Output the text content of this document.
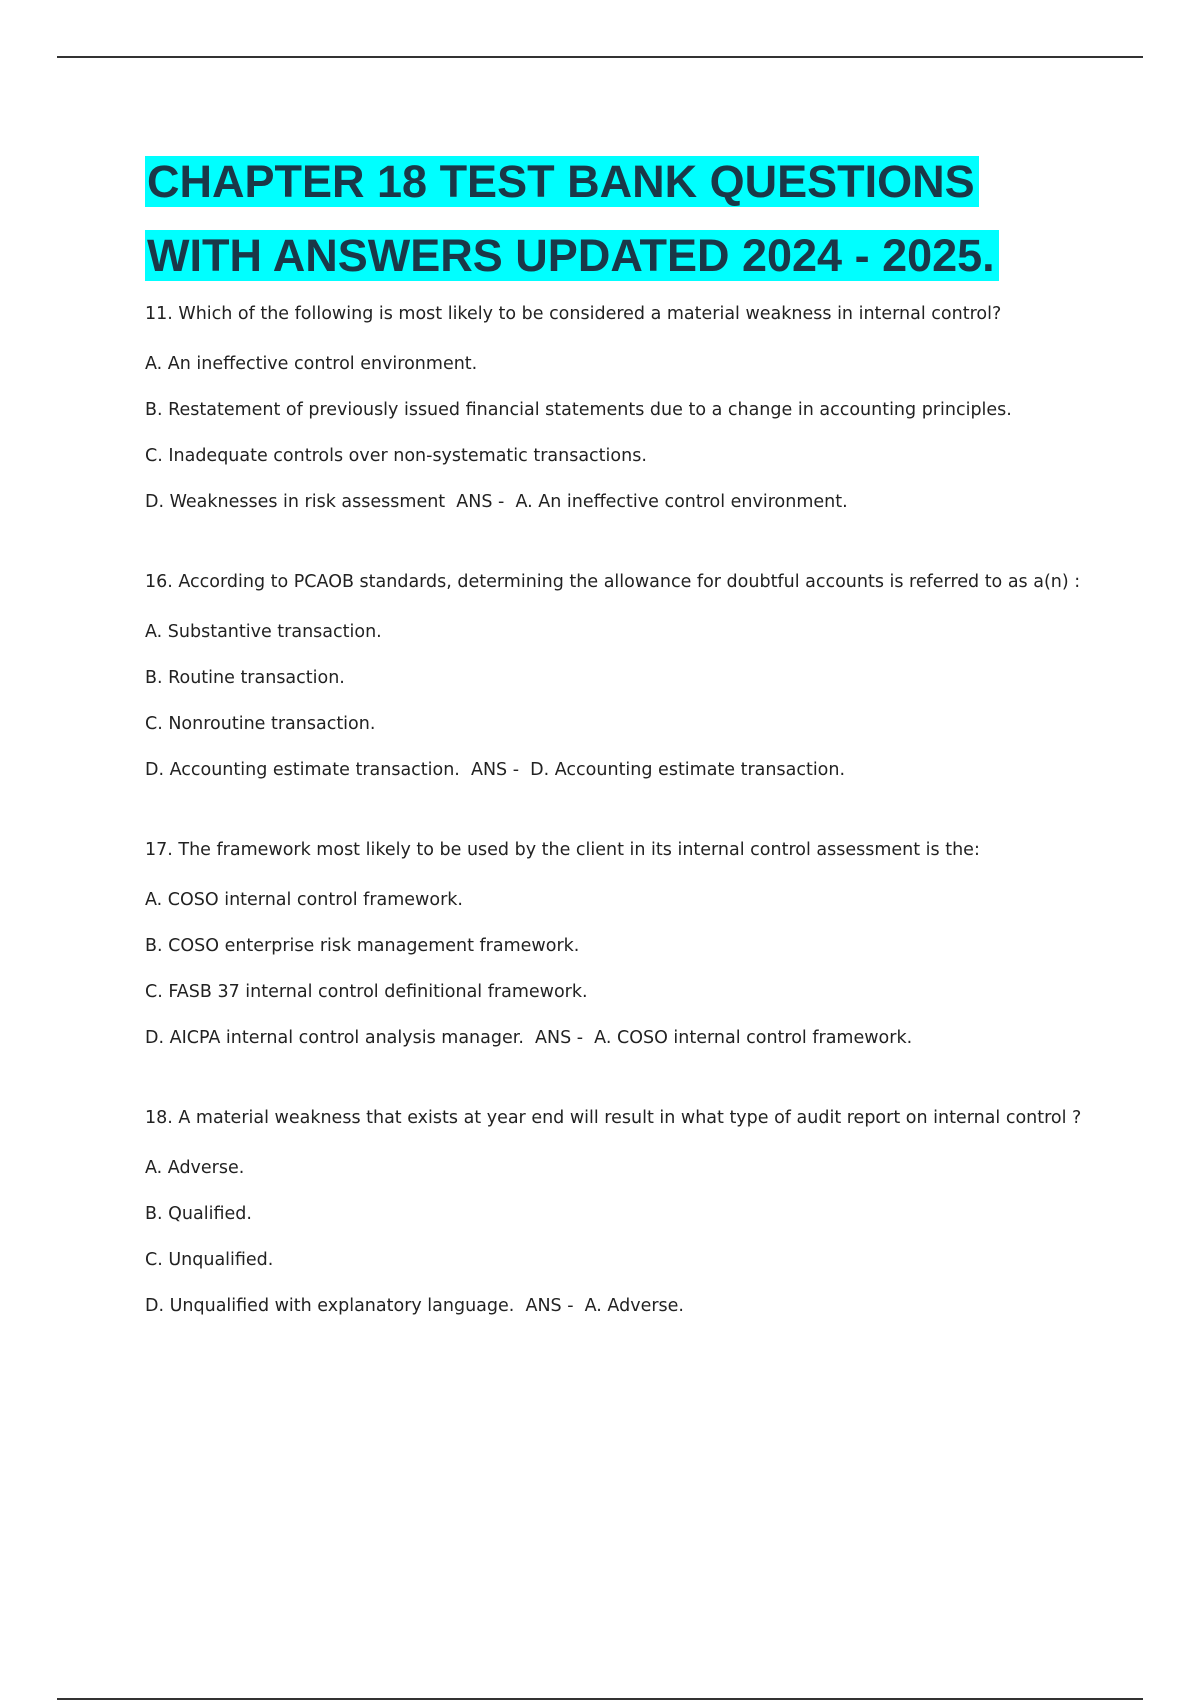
CHAPTER 18 TEST BANK QUESTIONS
WITH ANSWERS UPDATED 2024 - 2025.

11. Which of the following is most likely to be considered a material weakness in internal control?

A. An ineffective control environment.

B. Restatement of previously issued financial statements due to a change in accounting principles.

C. Inadequate controls over non-systematic transactions.

D. Weaknesses in risk assessment  ANS -  A. An ineffective control environment.

16. According to PCAOB standards, determining the allowance for doubtful accounts is referred to as a(n) :

A. Substantive transaction.

B. Routine transaction.

C. Nonroutine transaction.

D. Accounting estimate transaction.  ANS -  D. Accounting estimate transaction.

17. The framework most likely to be used by the client in its internal control assessment is the:

A. COSO internal control framework.

B. COSO enterprise risk management framework.

C. FASB 37 internal control definitional framework.

D. AICPA internal control analysis manager.  ANS -  A. COSO internal control framework.

18. A material weakness that exists at year end will result in what type of audit report on internal control ?

A. Adverse.

B. Qualified.

C. Unqualified.

D. Unqualified with explanatory language.  ANS -  A. Adverse.
